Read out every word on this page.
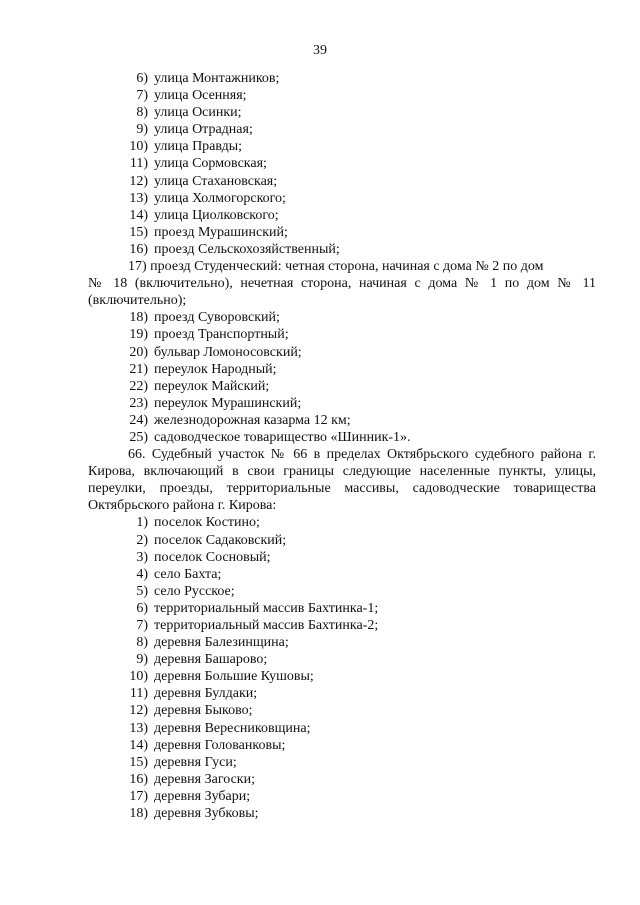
39
6) улица Монтажников;
7) улица Осенняя;
8) улица Осинки;
9) улица Отрадная;
10) улица Правды;
11) улица Сормовская;
12) улица Стахановская;
13) улица Холмогорского;
14) улица Циолковского;
15) проезд Мурашинский;
16) проезд Сельскохозяйственный;
17) проезд Студенческий: четная сторона, начиная с дома № 2 по дом
№ 18 (включительно), нечетная сторона, начиная с дома № 1 по дом № 11 (включительно);
18) проезд Суворовский;
19) проезд Транспортный;
20) бульвар Ломоносовский;
21) переулок Народный;
22) переулок Майский;
23) переулок Мурашинский;
24) железнодорожная казарма 12 км;
25) садоводческое товарищество «Шинник-1».
66. Судебный участок № 66 в пределах Октябрьского судебного района г. Кирова, включающий в свои границы следующие населенные пункты, улицы, переулки, проезды, территориальные массивы, садоводческие товарищества Октябрьского района г. Кирова:
1) поселок Костино;
2) поселок Садаковский;
3) поселок Сосновый;
4) село Бахта;
5) село Русское;
6) территориальный массив Бахтинка-1;
7) территориальный массив Бахтинка-2;
8) деревня Балезинщина;
9) деревня Башарово;
10) деревня Большие Кушовы;
11) деревня Булдаки;
12) деревня Быково;
13) деревня Вересниковщина;
14) деревня Голованковы;
15) деревня Гуси;
16) деревня Загоски;
17) деревня Зубари;
18) деревня Зубковы;
